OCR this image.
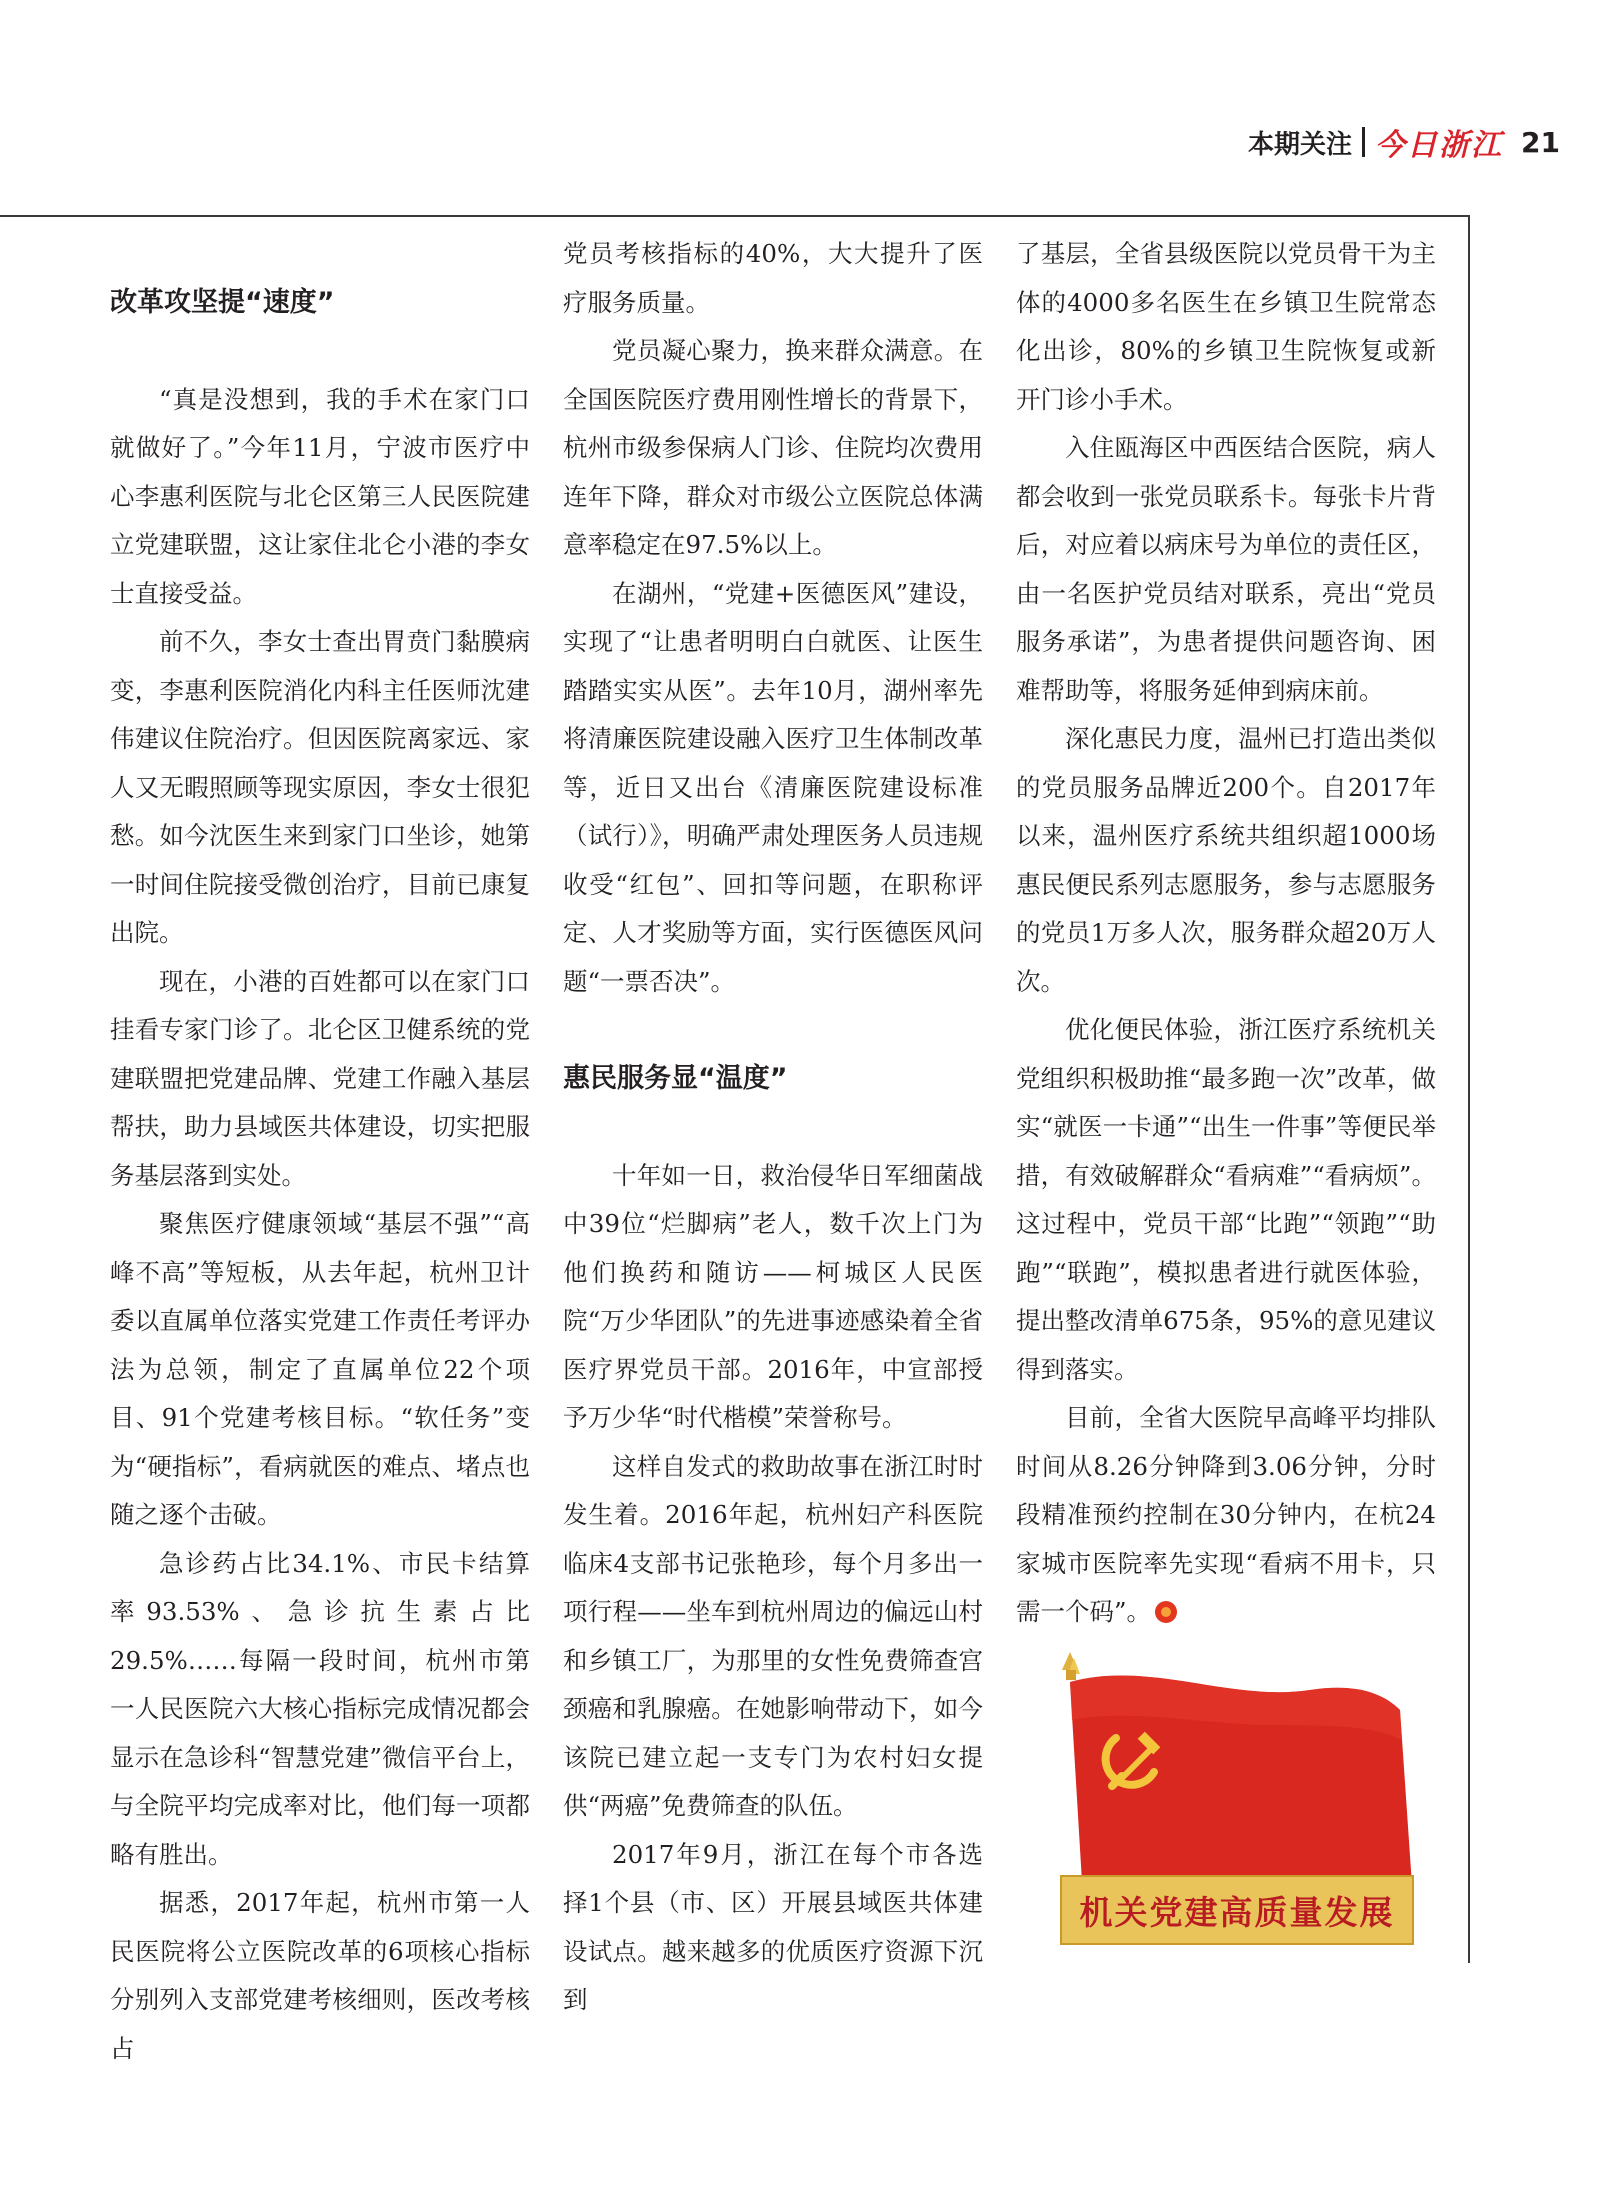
本期关注 今日浙江 21
改革攻坚提“速度”

“真是没想到，我的手术在家门口就做好了。”今年11月，宁波市医疗中心李惠利医院与北仑区第三人民医院建立党建联盟，这让家住北仑小港的李女士直接受益。

前不久，李女士查出胃贲门黏膜病变，李惠利医院消化内科主任医师沈建伟建议住院治疗。但因医院离家远、家人又无暇照顾等现实原因，李女士很犯愁。如今沈医生来到家门口坐诊，她第一时间住院接受微创治疗，目前已康复出院。

现在，小港的百姓都可以在家门口挂看专家门诊了。北仑区卫健系统的党建联盟把党建品牌、党建工作融入基层帮扶，助力县域医共体建设，切实把服务基层落到实处。

聚焦医疗健康领域“基层不强”“高峰不高”等短板，从去年起，杭州卫计委以直属单位落实党建工作责任考评办法为总领，制定了直属单位22个项目、91个党建考核目标。“软任务”变为“硬指标”，看病就医的难点、堵点也随之逐个击破。

急诊药占比34.1%、市民卡结算率93.53%、急诊抗生素占比29.5%……每隔一段时间，杭州市第一人民医院六大核心指标完成情况都会显示在急诊科“智慧党建”微信平台上，与全院平均完成率对比，他们每一项都略有胜出。

据悉，2017年起，杭州市第一人民医院将公立医院改革的6项核心指标分别列入支部党建考核细则，医改考核占

党员考核指标的40%，大大提升了医疗服务质量。

党员凝心聚力，换来群众满意。在全国医院医疗费用刚性增长的背景下，杭州市级参保病人门诊、住院均次费用连年下降，群众对市级公立医院总体满意率稳定在97.5%以上。

在湖州，“党建+医德医风”建设，实现了“让患者明明白白就医、让医生踏踏实实从医”。去年10月，湖州率先将清廉医院建设融入医疗卫生体制改革等，近日又出台《清廉医院建设标准（试行）》，明确严肃处理医务人员违规收受“红包”、回扣等问题，在职称评定、人才奖励等方面，实行医德医风问题“一票否决”。

惠民服务显“温度”

十年如一日，救治侵华日军细菌战中39位“烂脚病”老人，数千次上门为他们换药和随访——柯城区人民医院“万少华团队”的先进事迹感染着全省医疗界党员干部。2016年，中宣部授予万少华“时代楷模”荣誉称号。

这样自发式的救助故事在浙江时时发生着。2016年起，杭州妇产科医院临床4支部书记张艳珍，每个月多出一项行程——坐车到杭州周边的偏远山村和乡镇工厂，为那里的女性免费筛查宫颈癌和乳腺癌。在她影响带动下，如今该院已建立起一支专门为农村妇女提供“两癌”免费筛查的队伍。

2017年9月，浙江在每个市各选择1个县（市、区）开展县域医共体建设试点。越来越多的优质医疗资源下沉到

了基层，全省县级医院以党员骨干为主体的4000多名医生在乡镇卫生院常态化出诊，80%的乡镇卫生院恢复或新开门诊小手术。

入住瓯海区中西医结合医院，病人都会收到一张党员联系卡。每张卡片背后，对应着以病床号为单位的责任区，由一名医护党员结对联系，亮出“党员服务承诺”，为患者提供问题咨询、困难帮助等，将服务延伸到病床前。

深化惠民力度，温州已打造出类似的党员服务品牌近200个。自2017年以来，温州医疗系统共组织超1000场惠民便民系列志愿服务，参与志愿服务的党员1万多人次，服务群众超20万人次。

优化便民体验，浙江医疗系统机关党组织积极助推“最多跑一次”改革，做实“就医一卡通”“出生一件事”等便民举措，有效破解群众“看病难”“看病烦”。这过程中，党员干部“比跑”“领跑”“助跑”“联跑”，模拟患者进行就医体验，提出整改清单675条，95%的意见建议得到落实。

目前，全省大医院早高峰平均排队时间从8.26分钟降到3.06分钟，分时段精准预约控制在30分钟内，在杭24家城市医院率先实现“看病不用卡，只需一个码”。

机关党建高质量发展
